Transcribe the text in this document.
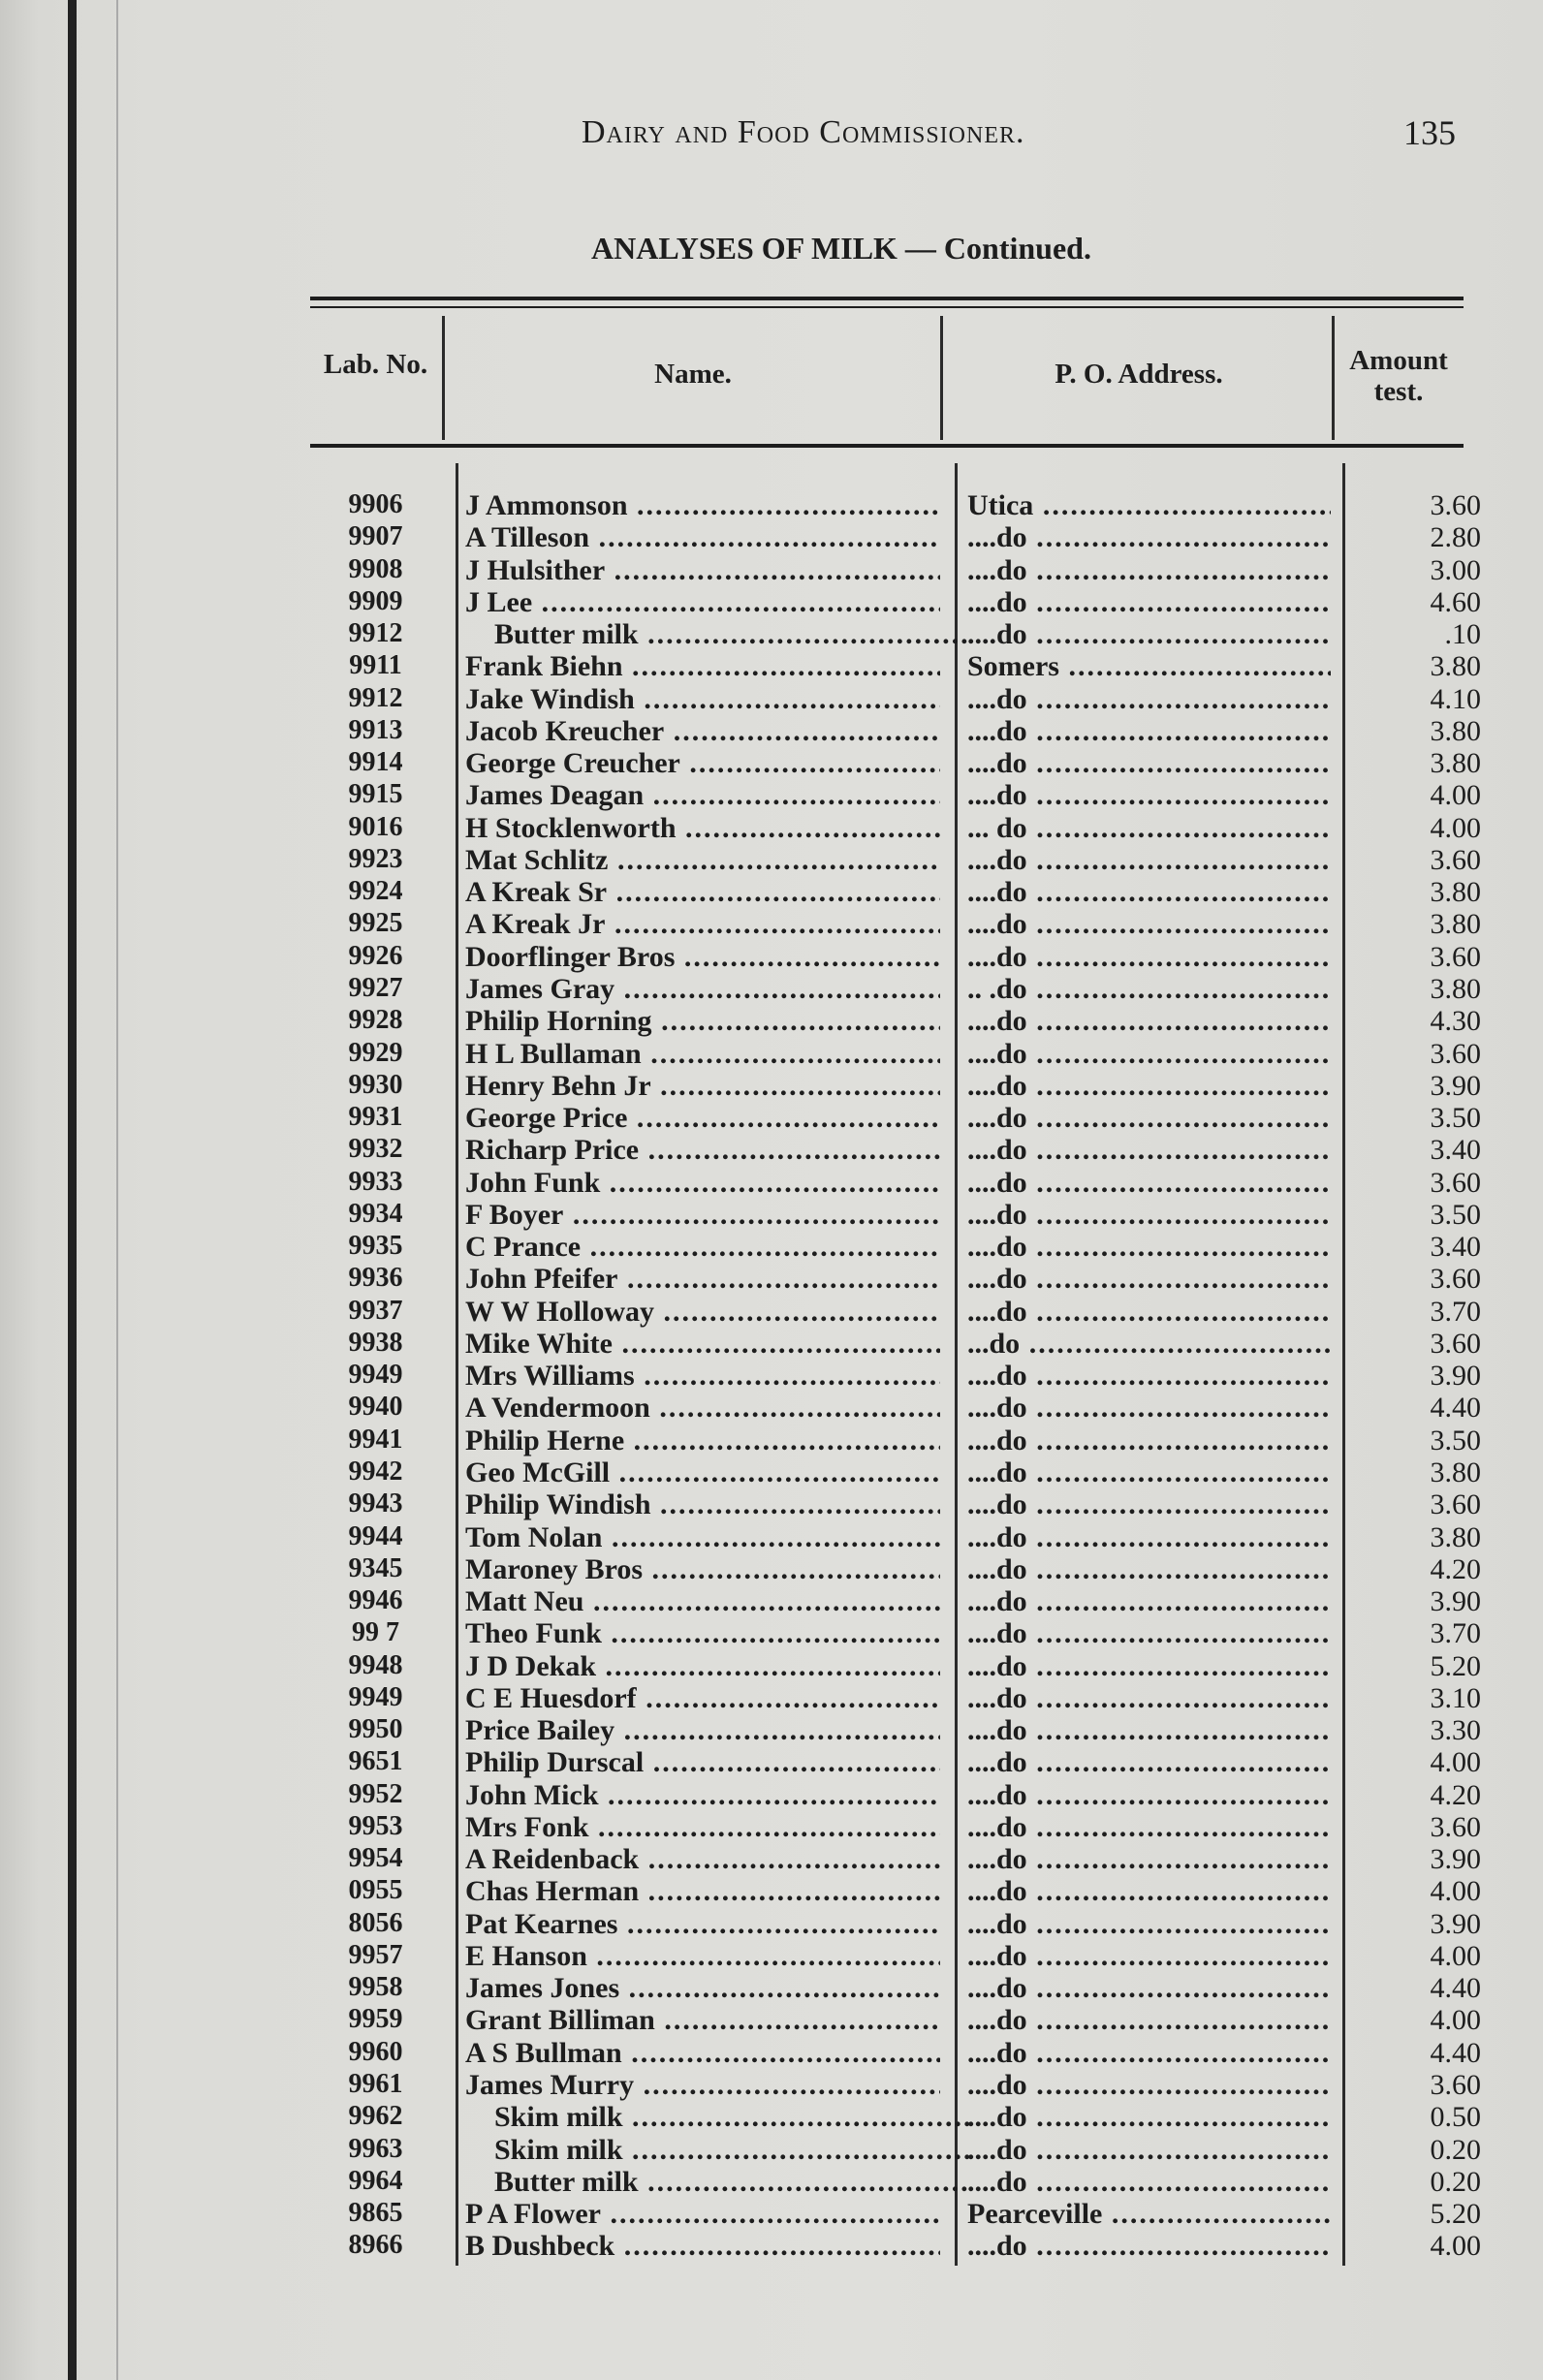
Dairy and Food Commissioner.	135
ANALYSES OF MILK — Continued.
Lab. No.	Name.	P. O. Address.	Amount test.
9906	J Ammonson .....	Utica .....	3.60
9907	A Tilleson .....	....do .....	2.80
9908	J Hulsither .....	....do .....	3.00
9909	J Lee .....	....do .....	4.60
9912	Butter milk .....	....do .....	.10
9911	Frank Biehn .....	Somers .....	3.80
9912	Jake Windish .....	....do .....	4.10
9913	Jacob Kreucher .....	....do .....	3.80
9914	George Creucher .....	....do .....	3.80
9915	James Deagan .....	....do .....	4.00
9016	H Stocklenworth .....	... do .....	4.00
9923	Mat Schlitz .....	....do .....	3.60
9924	A Kreak Sr .....	....do .....	3.80
9925	A Kreak Jr .....	....do .....	3.80
9926	Doorflinger Bros .....	....do .....	3.60
9927	James Gray .....	.. .do .....	3.80
9928	Philip Horning .....	....do .....	4.30
9929	H L Bullaman .....	....do .....	3.60
9930	Henry Behn Jr .....	....do .....	3.90
9931	George Price .....	....do .....	3.50
9932	Richarp Price .....	....do .....	3.40
9933	John Funk .....	....do .....	3.60
9934	F Boyer .....	....do .....	3.50
9935	C Prance .....	....do .....	3.40
9936	John Pfeifer .....	....do .....	3.60
9937	W W Holloway .....	....do .....	3.70
9938	Mike White .....	...do .....	3.60
9949	Mrs Williams .....	....do .....	3.90
9940	A Vendermoon .....	....do .....	4.40
9941	Philip Herne .....	....do .....	3.50
9942	Geo McGill .....	....do .....	3.80
9943	Philip Windish .....	....do .....	3.60
9944	Tom Nolan .....	....do .....	3.80
9345	Maroney Bros .....	....do .....	4.20
9946	Matt Neu .....	....do .....	3.90
99 7	Theo Funk .....	....do .....	3.70
9948	J D Dekak .....	....do .....	5.20
9949	C E Huesdorf .....	....do .....	3.10
9950	Price Bailey .....	....do .....	3.30
9651	Philip Durscal .....	....do .....	4.00
9952	John Mick .....	....do .....	4.20
9953	Mrs Fonk .....	....do .....	3.60
9954	A Reidenback .....	....do .....	3.90
0955	Chas Herman .....	....do .....	4.00
8056	Pat Kearnes .....	....do .....	3.90
9957	E Hanson .....	....do .....	4.00
9958	James Jones .....	....do .....	4.40
9959	Grant Billiman .....	....do .....	4.00
9960	A S Bullman .....	....do .....	4.40
9961	James Murry .....	....do .....	3.60
9962	Skim milk .....	....do .....	0.50
9963	Skim milk .....	....do .....	0.20
9964	Butter milk .....	....do .....	0.20
9865	P A Flower .....	Pearceville .....	5.20
8966	B Dushbeck .....	....do .....	4.00
